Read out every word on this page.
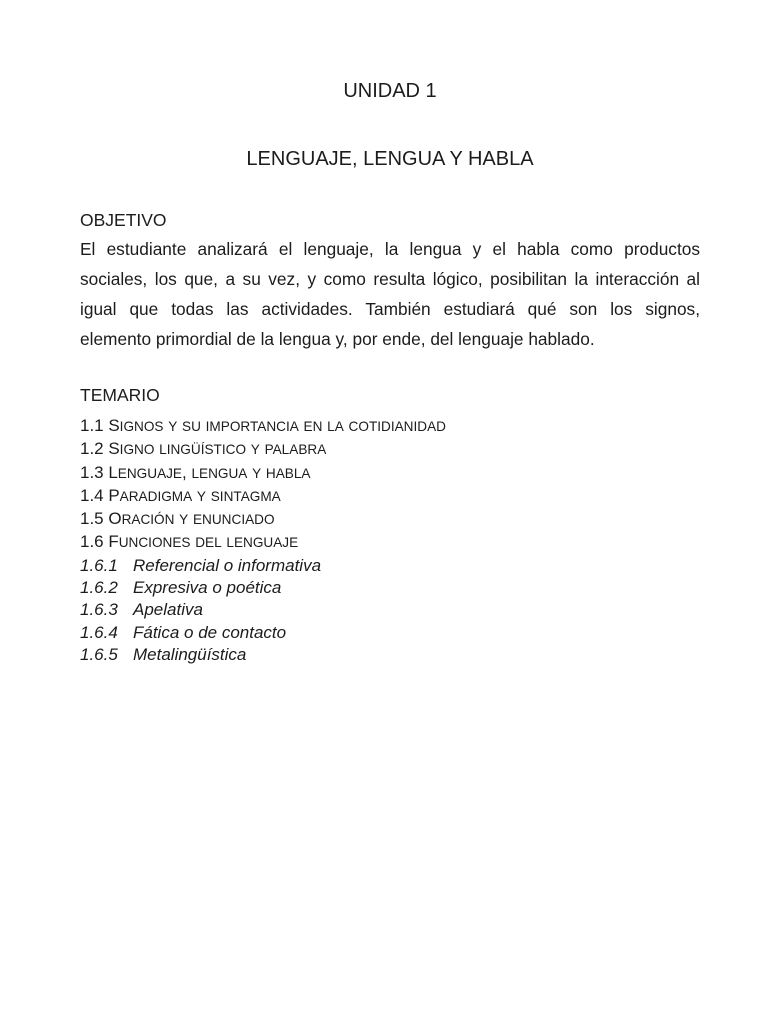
UNIDAD 1
LENGUAJE, LENGUA Y HABLA
OBJETIVO
El estudiante analizará el lenguaje, la lengua y el habla como productos
sociales, los que, a su vez, y como resulta lógico, posibilitan la interacción al
igual que todas las actividades. También estudiará qué son los signos,
elemento primordial de la lengua y, por ende, del lenguaje hablado.
TEMARIO
1.1 SIGNOS Y SU IMPORTANCIA EN LA COTIDIANIDAD
1.2 SIGNO LINGÜÍSTICO Y PALABRA
1.3 LENGUAJE, LENGUA Y HABLA
1.4 PARADIGMA Y SINTAGMA
1.5 ORACIÓN Y ENUNCIADO
1.6 FUNCIONES DEL LENGUAJE
1.6.1 Referencial o informativa
1.6.2 Expresiva o poética
1.6.3 Apelativa
1.6.4 Fática o de contacto
1.6.5 Metalingüística
